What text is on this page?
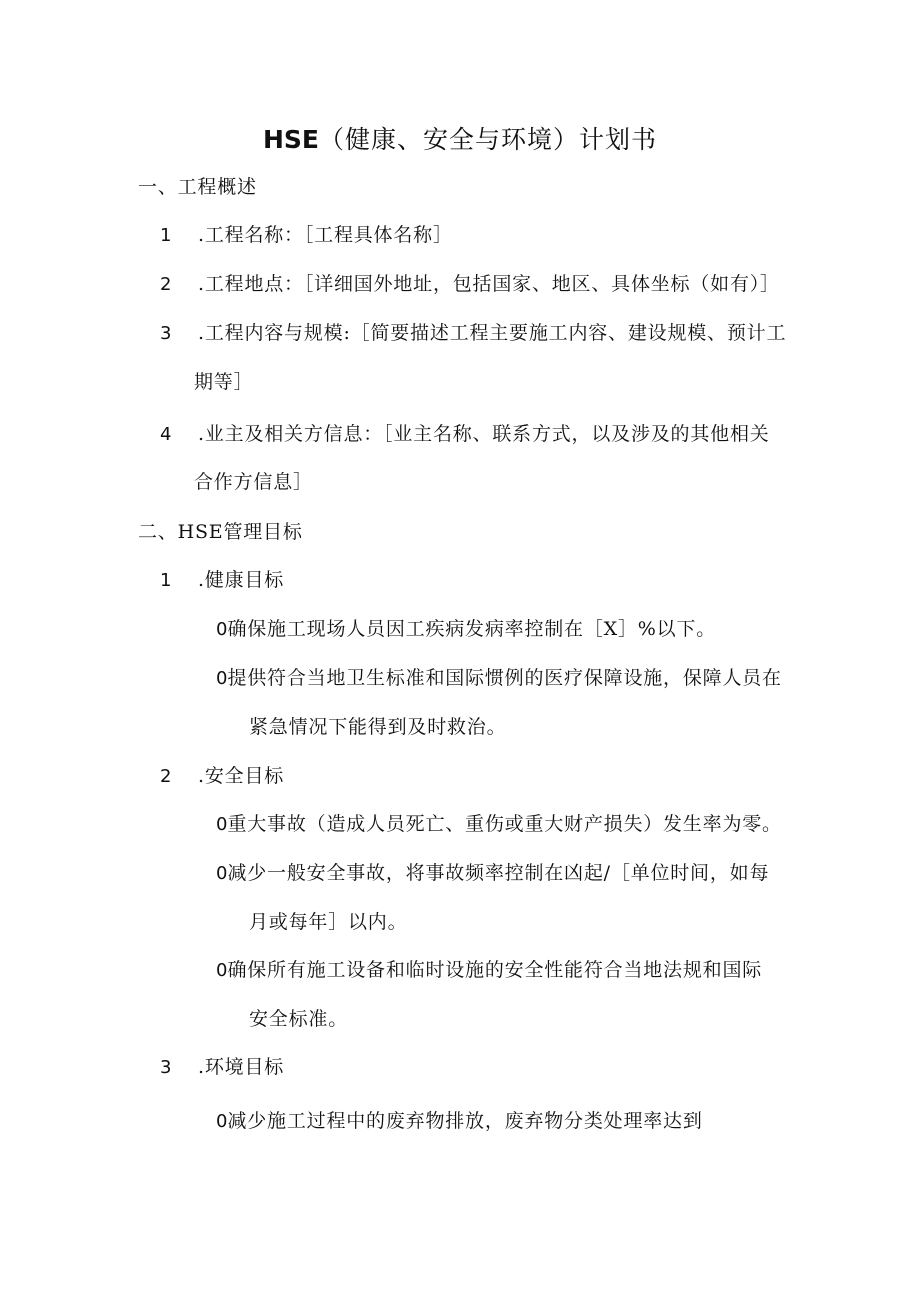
HSE（健康、安全与环境）计划书
一、工程概述
1 .工程名称：［工程具体名称］
2 .工程地点：［详细国外地址，包括国家、地区、具体坐标（如有）］
3 .工程内容与规模:［简要描述工程主要施工内容、建设规模、预计工
期等］
4 .业主及相关方信息：［业主名称、联系方式，以及涉及的其他相关
合作方信息］
二、HSE管理目标
1 .健康目标
0确保施工现场人员因工疾病发病率控制在［X］%以下。
0提供符合当地卫生标准和国际惯例的医疗保障设施，保障人员在
紧急情况下能得到及时救治。
2 .安全目标
0重大事故（造成人员死亡、重伤或重大财产损失）发生率为零。
0减少一般安全事故，将事故频率控制在凶起/［单位时间，如每
月或每年］以内。
0确保所有施工设备和临时设施的安全性能符合当地法规和国际
安全标准。
3 .环境目标
0减少施工过程中的废弃物排放，废弃物分类处理率达到
